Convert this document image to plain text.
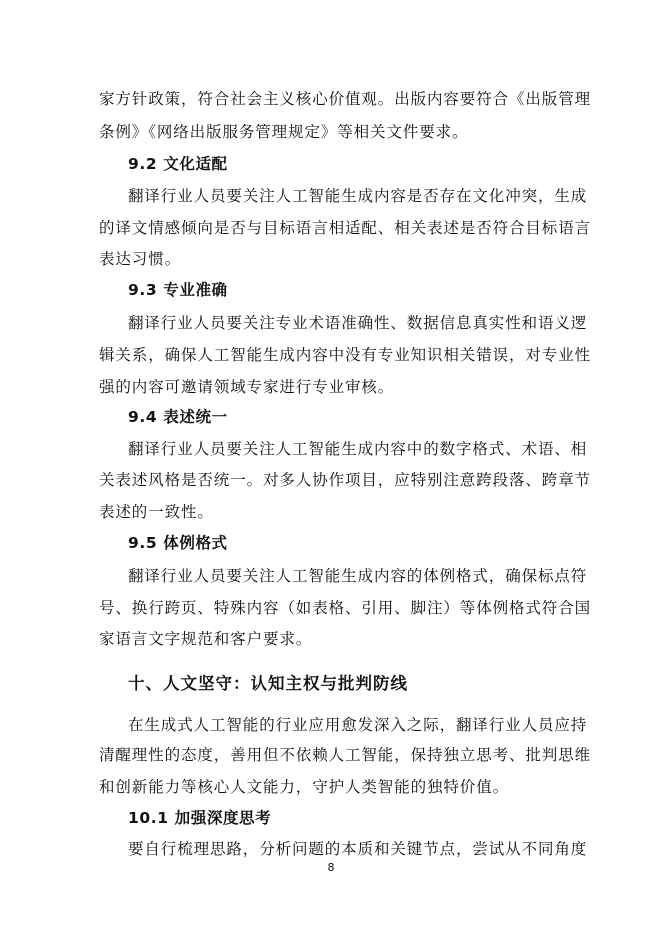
家方针政策，符合社会主义核心价值观。出版内容要符合《出版管理
条例》《网络出版服务管理规定》等相关文件要求。
9.2 文化适配
翻译行业人员要关注人工智能生成内容是否存在文化冲突，生成
的译文情感倾向是否与目标语言相适配、相关表述是否符合目标语言
表达习惯。
9.3 专业准确
翻译行业人员要关注专业术语准确性、数据信息真实性和语义逻
辑关系，确保人工智能生成内容中没有专业知识相关错误，对专业性
强的内容可邀请领域专家进行专业审核。
9.4 表述统一
翻译行业人员要关注人工智能生成内容中的数字格式、术语、相
关表述风格是否统一。对多人协作项目，应特别注意跨段落、跨章节
表述的一致性。
9.5 体例格式
翻译行业人员要关注人工智能生成内容的体例格式，确保标点符
号、换行跨页、特殊内容（如表格、引用、脚注）等体例格式符合国
家语言文字规范和客户要求。
十、人文坚守：认知主权与批判防线
在生成式人工智能的行业应用愈发深入之际，翻译行业人员应持
清醒理性的态度，善用但不依赖人工智能，保持独立思考、批判思维
和创新能力等核心人文能力，守护人类智能的独特价值。
10.1 加强深度思考
要自行梳理思路，分析问题的本质和关键节点，尝试从不同角度
8
